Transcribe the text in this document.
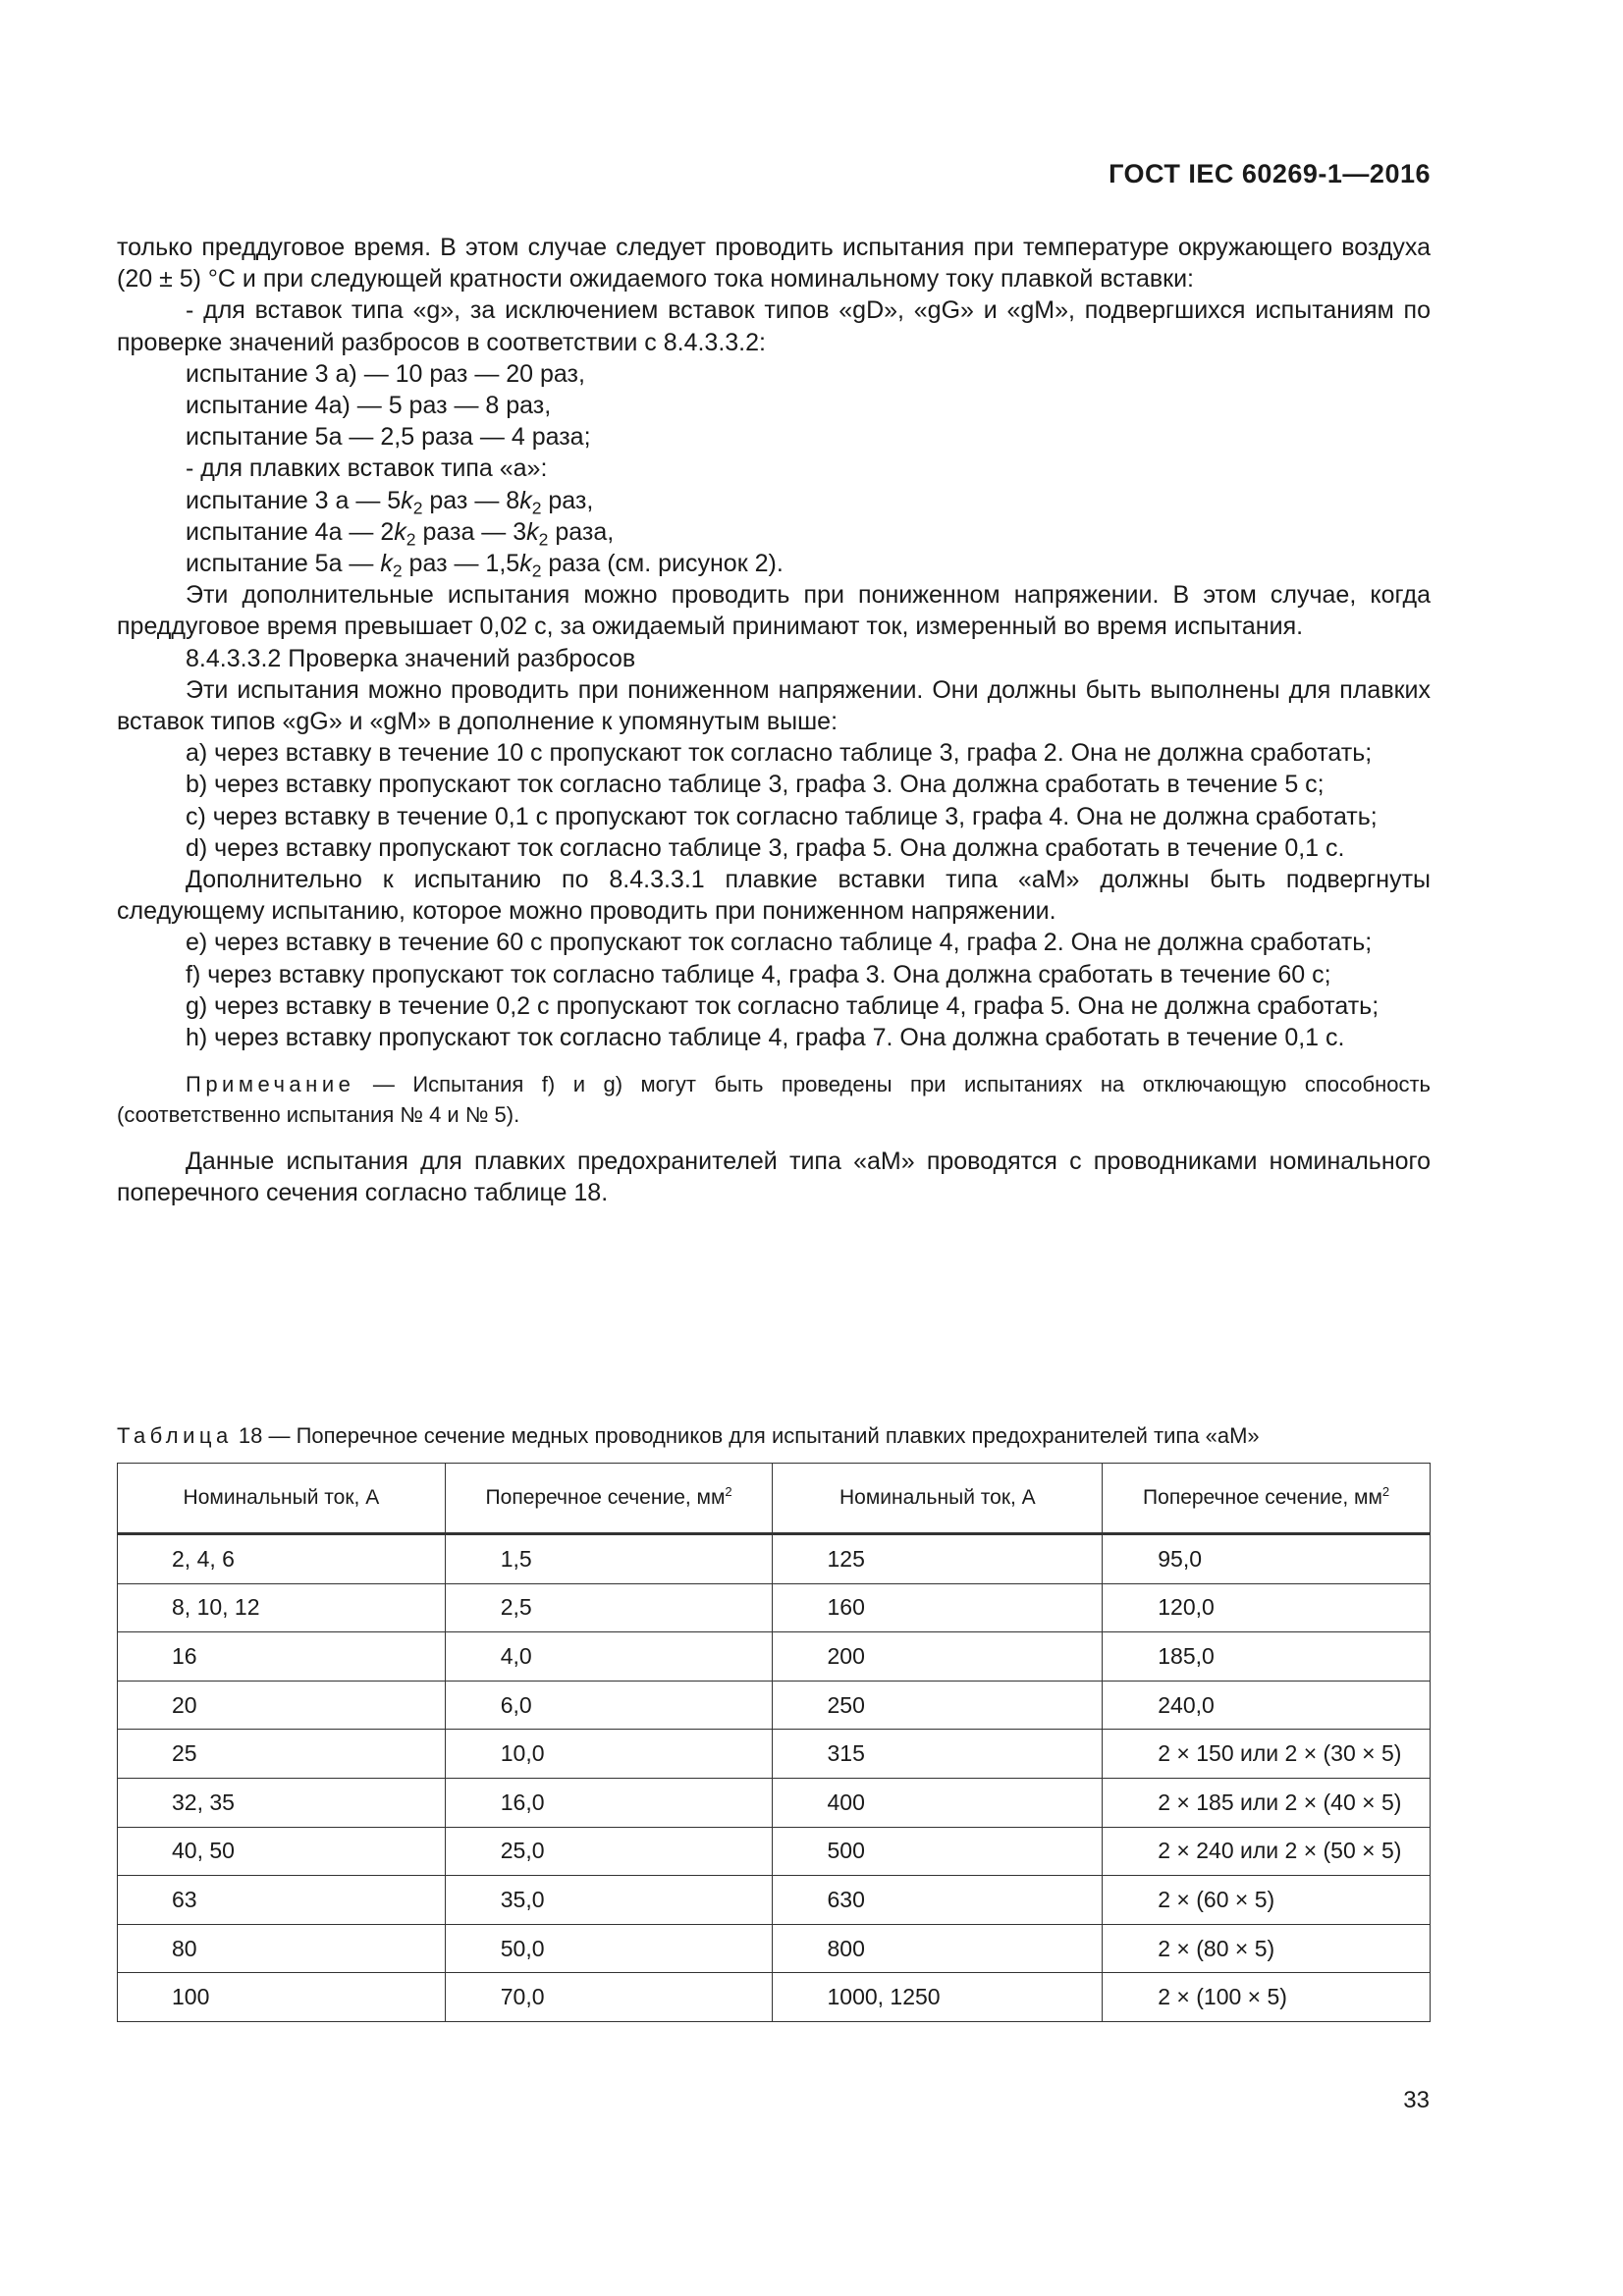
ГОСТ IEC 60269-1—2016

только преддуговое время. В этом случае следует проводить испытания при температуре окружающего воздуха (20 ± 5) °С и при следующей кратности ожидаемого тока номинальному току плавкой вставки:

- для вставок типа «g», за исключением вставок типов «gD», «gG» и «gM», подвергшихся испытаниям по проверке значений разбросов в соответствии с 8.4.3.3.2:

испытание 3 а) — 10 раз — 20 раз,

испытание 4а) — 5 раз — 8 раз,

испытание 5а — 2,5 раза — 4 раза;

- для плавких вставок типа «а»:

испытание 3 а — $5k_2$ раз — $8k_2$ раз,

испытание 4а — $2k_2$ раза — $3k_2$ раза,

испытание 5а — $k_2$ раз — $1,5k_2$ раза (см. рисунок 2).

Эти дополнительные испытания можно проводить при пониженном напряжении. В этом случае, когда преддуговое время превышает 0,02 с, за ожидаемый принимают ток, измеренный во время испытания.

8.4.3.3.2 Проверка значений разбросов

Эти испытания можно проводить при пониженном напряжении. Они должны быть выполнены для плавких вставок типов «gG» и «gM» в дополнение к упомянутым выше:

a) через вставку в течение 10 с пропускают ток согласно таблице 3, графа 2. Она не должна сработать;

b) через вставку пропускают ток согласно таблице 3, графа 3. Она должна сработать в течение 5 с;

c) через вставку в течение 0,1 с пропускают ток согласно таблице 3, графа 4. Она не должна сработать;

d) через вставку пропускают ток согласно таблице 3, графа 5. Она должна сработать в течение 0,1 с.

Дополнительно к испытанию по 8.4.3.3.1 плавкие вставки типа «аМ» должны быть подвергнуты следующему испытанию, которое можно проводить при пониженном напряжении.

e) через вставку в течение 60 с пропускают ток согласно таблице 4, графа 2. Она не должна сработать;

f) через вставку пропускают ток согласно таблице 4, графа 3. Она должна сработать в течение 60 с;

g) через вставку в течение 0,2 с пропускают ток согласно таблице 4, графа 5. Она не должна сработать;

h) через вставку пропускают ток согласно таблице 4, графа 7. Она должна сработать в течение 0,1 с.

Примечание — Испытания f) и g) могут быть проведены при испытаниях на отключающую способность (соответственно испытания № 4 и № 5).

Данные испытания для плавких предохранителей типа «аМ» проводятся с проводниками номинального поперечного сечения согласно таблице 18.

Таблица 18 — Поперечное сечение медных проводников для испытаний плавких предохранителей типа «аМ»
Номинальный ток, А	Поперечное сечение, $мм^2$	Номинальный ток, А	Поперечное сечение, $мм^2$
2, 4, 6	1,5	125	95,0
8, 10, 12	2,5	160	120,0
16	4,0	200	185,0
20	6,0	250	240,0
25	10,0	315	2 × 150 или 2 × (30 × 5)
32, 35	16,0	400	2 × 185 или 2 × (40 × 5)
40, 50	25,0	500	2 × 240 или 2 × (50 × 5)
63	35,0	630	2 × (60 × 5)
80	50,0	800	2 × (80 × 5)
100	70,0	1000, 1250	2 × (100 × 5)
33
